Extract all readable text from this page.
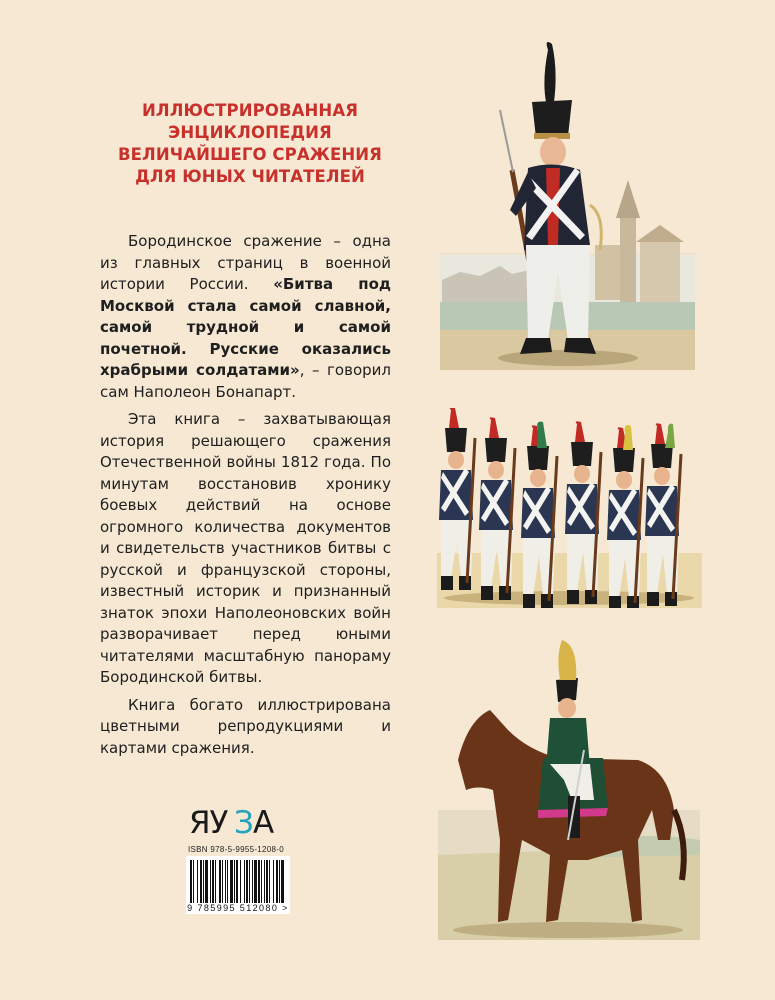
ИЛЛЮСТРИРОВАННАЯ
ЭНЦИКЛОПЕДИЯ
ВЕЛИЧАЙШЕГО СРАЖЕНИЯ
ДЛЯ ЮНЫХ ЧИТАТЕЛЕЙ

Бородинское сражение – одна из главных страниц в военной истории России. «Битва под Москвой стала самой славной, самой трудной и самой почетной. Русские оказались храбрыми солдатами», – говорил сам Наполеон Бонапарт.

Эта книга – захватывающая история решающего сражения Отечественной войны 1812 года. По минутам восстановив хронику боевых действий на основе огромного количества документов и свидетельств участников битвы с русской и французской стороны, известный историк и признанный знаток эпохи Наполеоновских войн разворачивает перед юными читателями масштабную панораму Бородинской битвы.

Книга богато иллюстрирована цветными репродукциями и картами сражения.

ЯУ З А
ISBN 978-5-9955-1208-0
9 785995 512080 >
